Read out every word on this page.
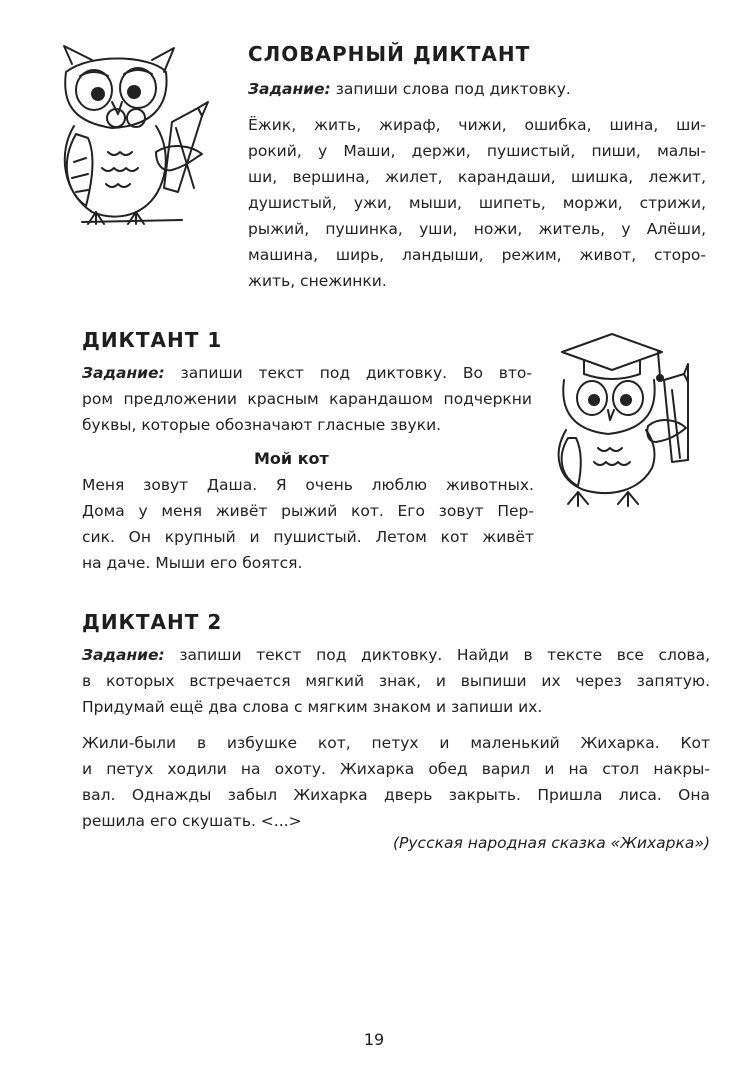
СЛОВАРНЫЙ ДИКТАНТ
Задание: запиши слова под диктовку.
Ёжик, жить, жираф, чижи, ошибка, шина, ши-
рокий, у Маши, держи, пушистый, пиши, малы-
ши, вершина, жилет, карандаши, шишка, лежит,
душистый, ужи, мыши, шипеть, моржи, стрижи,
рыжий, пушинка, уши, ножи, житель, у Алёши,
машина, ширь, ландыши, режим, живот, сторо-
жить, снежинки.
ДИКТАНТ 1
Задание: запиши текст под диктовку. Во вто-
ром предложении красным карандашом подчеркни
буквы, которые обозначают гласные звуки.
Мой кот
Меня зовут Даша. Я очень люблю животных.
Дома у меня живёт рыжий кот. Его зовут Пер-
сик. Он крупный и пушистый. Летом кот живёт
на даче. Мыши его боятся.
ДИКТАНТ 2
Задание: запиши текст под диктовку. Найди в тексте все слова,
в которых встречается мягкий знак, и выпиши их через запятую.
Придумай ещё два слова с мягким знаком и запиши их.
Жили-были в избушке кот, петух и маленький Жихарка. Кот
и петух ходили на охоту. Жихарка обед варил и на стол накры-
вал. Однажды забыл Жихарка дверь закрыть. Пришла лиса. Она
решила его скушать. <...>
(Русская народная сказка «Жихарка»)
19
